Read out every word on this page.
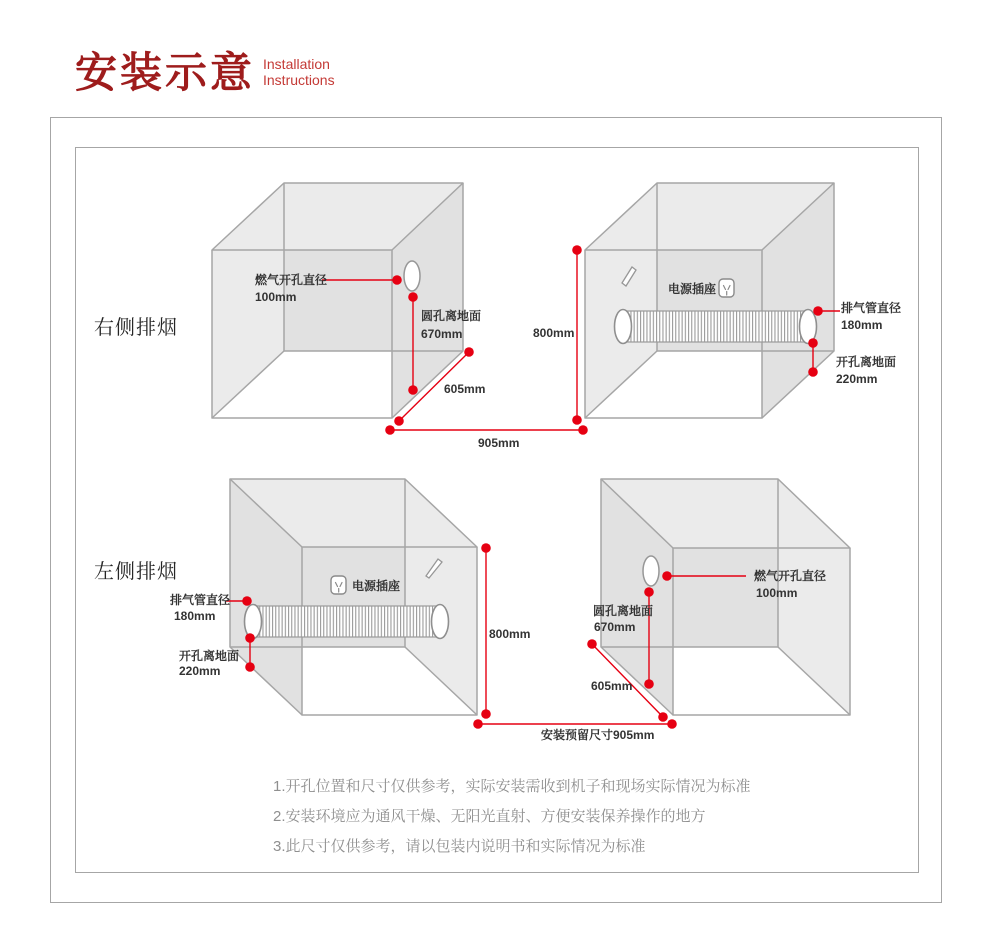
安装示意 Installation
Instructions
右侧排烟
左侧排烟
燃气开孔直径
100mm
圆孔离地面
670mm
605mm
905mm
电源插座
排气管直径
180mm
开孔离地面
220mm
800mm
排气管直径
180mm
开孔离地面
220mm
电源插座
800mm
燃气开孔直径
100mm
圆孔离地面
670mm
605mm
安装预留尺寸905mm
1.开孔位置和尺寸仅供参考，实际安装需收到机子和现场实际情况为标准
2.安装环境应为通风干燥、无阳光直射、方便安装保养操作的地方
3.此尺寸仅供参考，请以包装内说明书和实际情况为标准
